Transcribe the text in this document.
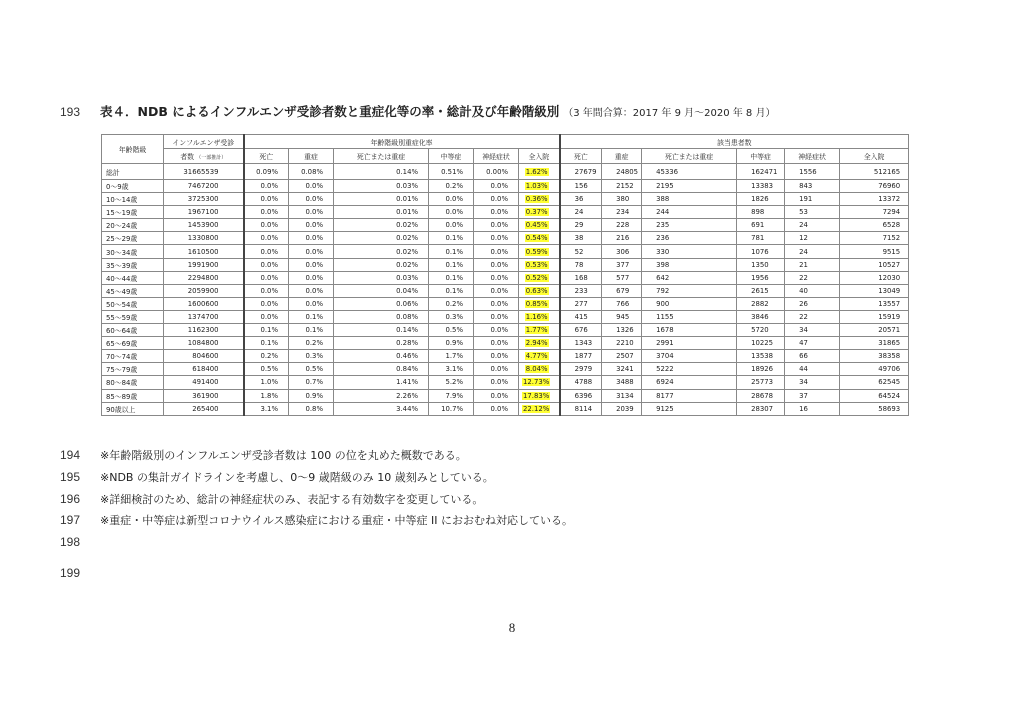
193	表４．NDB によるインフルエンザ受診者数と重症化等の率・総計及び年齢階級別 （3 年間合算：2017 年 9 月～2020 年 8 月）
年齢階級	インフルエンザ受診	年齢階級別重症化率						該当患者数					
	者数 （一部推計）	死亡	重症	死亡または重症	中等症	神経症状	全入院	死亡	重症	死亡または重症	中等症	神経症状	全入院
総計	31665539	0.09%	0.08%	0.14%	0.51%	0.00%	1.62%	27679	24805	45336	162471	1556	512165
0～9歳	7467200	0.0%	0.0%	0.03%	0.2%	0.0%	1.03%	156	2152	2195	13383	843	76960
10～14歳	3725300	0.0%	0.0%	0.01%	0.0%	0.0%	0.36%	36	380	388	1826	191	13372
15～19歳	1967100	0.0%	0.0%	0.01%	0.0%	0.0%	0.37%	24	234	244	898	53	7294
20～24歳	1453900	0.0%	0.0%	0.02%	0.0%	0.0%	0.45%	29	228	235	691	24	6528
25～29歳	1330800	0.0%	0.0%	0.02%	0.1%	0.0%	0.54%	38	216	236	781	12	7152
30～34歳	1610500	0.0%	0.0%	0.02%	0.1%	0.0%	0.59%	52	306	330	1076	24	9515
35～39歳	1991900	0.0%	0.0%	0.02%	0.1%	0.0%	0.53%	78	377	398	1350	21	10527
40～44歳	2294800	0.0%	0.0%	0.03%	0.1%	0.0%	0.52%	168	577	642	1956	22	12030
45～49歳	2059900	0.0%	0.0%	0.04%	0.1%	0.0%	0.63%	233	679	792	2615	40	13049
50～54歳	1600600	0.0%	0.0%	0.06%	0.2%	0.0%	0.85%	277	766	900	2882	26	13557
55～59歳	1374700	0.0%	0.1%	0.08%	0.3%	0.0%	1.16%	415	945	1155	3846	22	15919
60～64歳	1162300	0.1%	0.1%	0.14%	0.5%	0.0%	1.77%	676	1326	1678	5720	34	20571
65～69歳	1084800	0.1%	0.2%	0.28%	0.9%	0.0%	2.94%	1343	2210	2991	10225	47	31865
70～74歳	804600	0.2%	0.3%	0.46%	1.7%	0.0%	4.77%	1877	2507	3704	13538	66	38358
75～79歳	618400	0.5%	0.5%	0.84%	3.1%	0.0%	8.04%	2979	3241	5222	18926	44	49706
80～84歳	491400	1.0%	0.7%	1.41%	5.2%	0.0%	12.73%	4788	3488	6924	25773	34	62545
85～89歳	361900	1.8%	0.9%	2.26%	7.9%	0.0%	17.83%	6396	3134	8177	28678	37	64524
90歳以上	265400	3.1%	0.8%	3.44%	10.7%	0.0%	22.12%	8114	2039	9125	28307	16	58693
194	※年齢階級別のインフルエンザ受診者数は 100 の位を丸めた概数である。
195	※NDB の集計ガイドラインを考慮し、0～9 歳階級のみ 10 歳刻みとしている。
196	※詳細検討のため、総計の神経症状のみ、表記する有効数字を変更している。
197	※重症・中等症は新型コロナウイルス感染症における重症・中等症 II におおむね対応している。
198
199
8
